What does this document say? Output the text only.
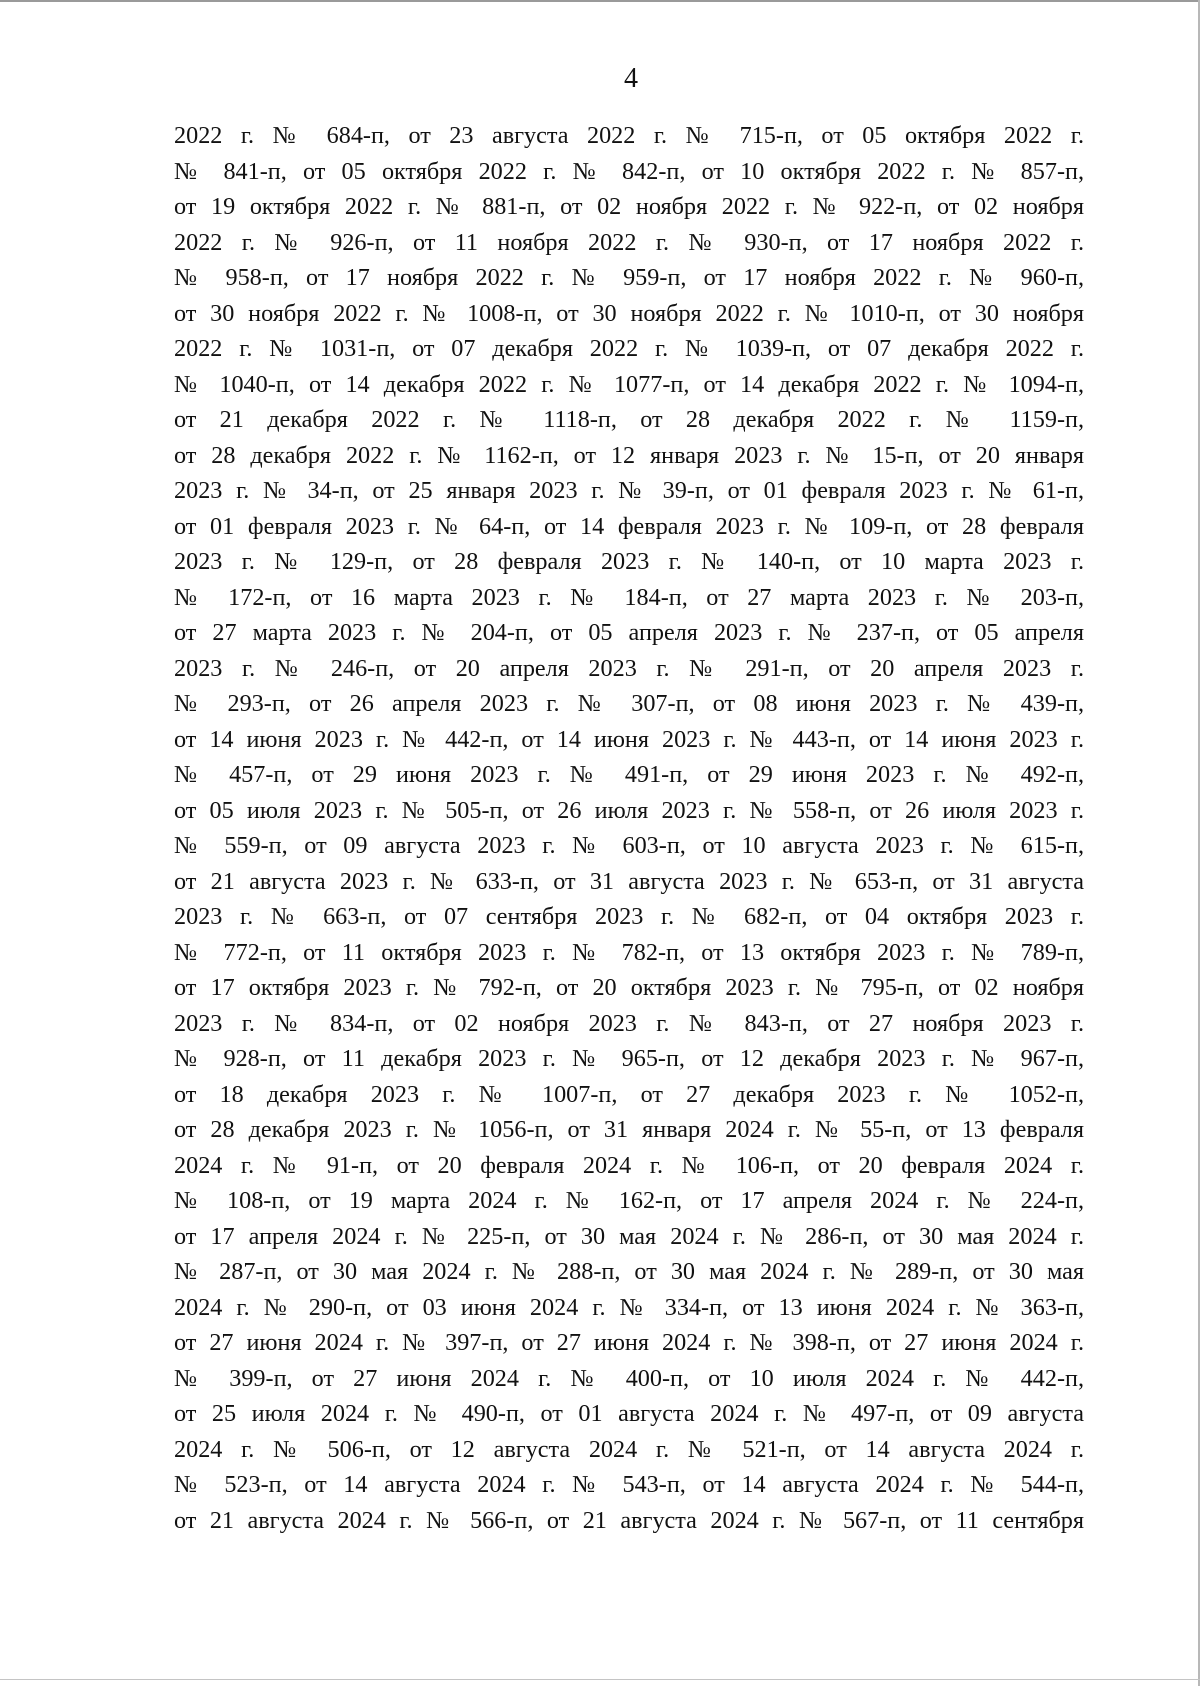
4
2022 г. № 684-п, от 23 августа 2022 г. № 715-п, от 05 октября 2022 г.
№ 841-п, от 05 октября 2022 г. № 842-п, от 10 октября 2022 г. № 857-п,
от 19 октября 2022 г. № 881-п, от 02 ноября 2022 г. № 922-п, от 02 ноября
2022 г. № 926-п, от 11 ноября 2022 г. № 930-п, от 17 ноября 2022 г.
№ 958-п, от 17 ноября 2022 г. № 959-п, от 17 ноября 2022 г. № 960-п,
от 30 ноября 2022 г. № 1008-п, от 30 ноября 2022 г. № 1010-п, от 30 ноября
2022 г. № 1031-п, от 07 декабря 2022 г. № 1039-п, от 07 декабря 2022 г.
№ 1040-п, от 14 декабря 2022 г. № 1077-п, от 14 декабря 2022 г. № 1094-п,
от 21 декабря 2022 г. № 1118-п, от 28 декабря 2022 г. № 1159-п,
от 28 декабря 2022 г. № 1162-п, от 12 января 2023 г. № 15-п, от 20 января
2023 г. № 34-п, от 25 января 2023 г. № 39-п, от 01 февраля 2023 г. № 61-п,
от 01 февраля 2023 г. № 64-п, от 14 февраля 2023 г. № 109-п, от 28 февраля
2023 г. № 129-п, от 28 февраля 2023 г. № 140-п, от 10 марта 2023 г.
№ 172-п, от 16 марта 2023 г. № 184-п, от 27 марта 2023 г. № 203-п,
от 27 марта 2023 г. № 204-п, от 05 апреля 2023 г. № 237-п, от 05 апреля
2023 г. № 246-п, от 20 апреля 2023 г. № 291-п, от 20 апреля 2023 г.
№ 293-п, от 26 апреля 2023 г. № 307-п, от 08 июня 2023 г. № 439-п,
от 14 июня 2023 г. № 442-п, от 14 июня 2023 г. № 443-п, от 14 июня 2023 г.
№ 457-п, от 29 июня 2023 г. № 491-п, от 29 июня 2023 г. № 492-п,
от 05 июля 2023 г. № 505-п, от 26 июля 2023 г. № 558-п, от 26 июля 2023 г.
№ 559-п, от 09 августа 2023 г. № 603-п, от 10 августа 2023 г. № 615-п,
от 21 августа 2023 г. № 633-п, от 31 августа 2023 г. № 653-п, от 31 августа
2023 г. № 663-п, от 07 сентября 2023 г. № 682-п, от 04 октября 2023 г.
№ 772-п, от 11 октября 2023 г. № 782-п, от 13 октября 2023 г. № 789-п,
от 17 октября 2023 г. № 792-п, от 20 октября 2023 г. № 795-п, от 02 ноября
2023 г. № 834-п, от 02 ноября 2023 г. № 843-п, от 27 ноября 2023 г.
№ 928-п, от 11 декабря 2023 г. № 965-п, от 12 декабря 2023 г. № 967-п,
от 18 декабря 2023 г. № 1007-п, от 27 декабря 2023 г. № 1052-п,
от 28 декабря 2023 г. № 1056-п, от 31 января 2024 г. № 55-п, от 13 февраля
2024 г. № 91-п, от 20 февраля 2024 г. № 106-п, от 20 февраля 2024 г.
№ 108-п, от 19 марта 2024 г. № 162-п, от 17 апреля 2024 г. № 224-п,
от 17 апреля 2024 г. № 225-п, от 30 мая 2024 г. № 286-п, от 30 мая 2024 г.
№ 287-п, от 30 мая 2024 г. № 288-п, от 30 мая 2024 г. № 289-п, от 30 мая
2024 г. № 290-п, от 03 июня 2024 г. № 334-п, от 13 июня 2024 г. № 363-п,
от 27 июня 2024 г. № 397-п, от 27 июня 2024 г. № 398-п, от 27 июня 2024 г.
№ 399-п, от 27 июня 2024 г. № 400-п, от 10 июля 2024 г. № 442-п,
от 25 июля 2024 г. № 490-п, от 01 августа 2024 г. № 497-п, от 09 августа
2024 г. № 506-п, от 12 августа 2024 г. № 521-п, от 14 августа 2024 г.
№ 523-п, от 14 августа 2024 г. № 543-п, от 14 августа 2024 г. № 544-п,
от 21 августа 2024 г. № 566-п, от 21 августа 2024 г. № 567-п, от 11 сентября
